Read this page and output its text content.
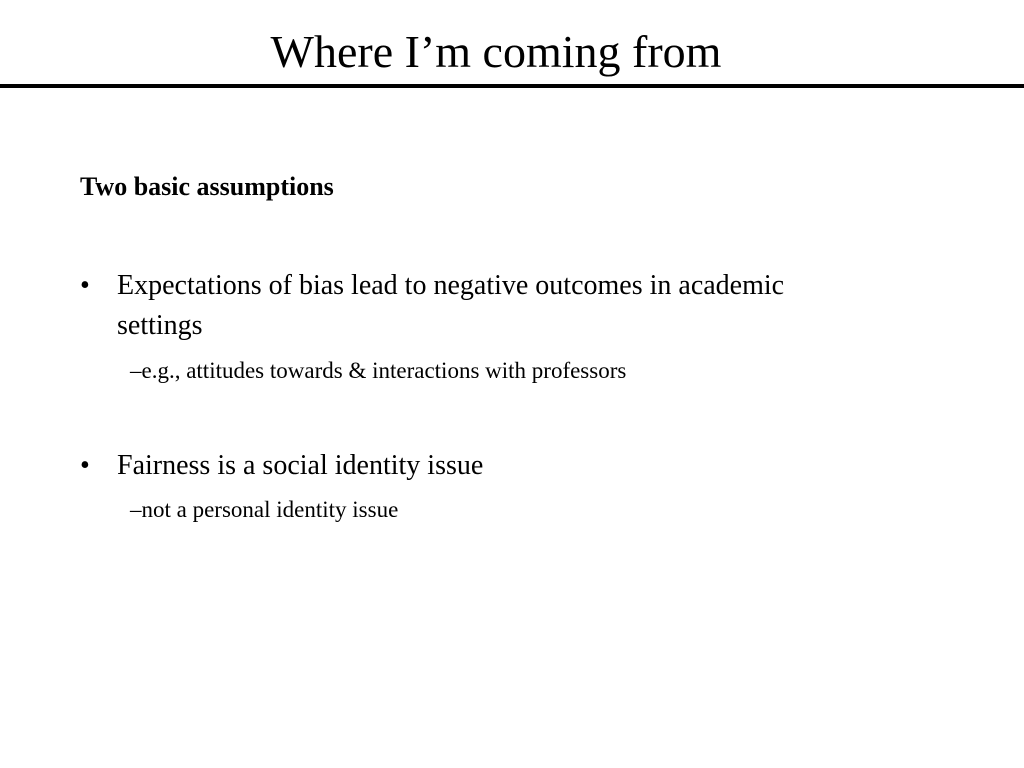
Where I’m coming from

Two basic assumptions

• Expectations of bias lead to negative outcomes in academic settings

–e.g., attitudes towards & interactions with professors

• Fairness is a social identity issue

–not a personal identity issue
